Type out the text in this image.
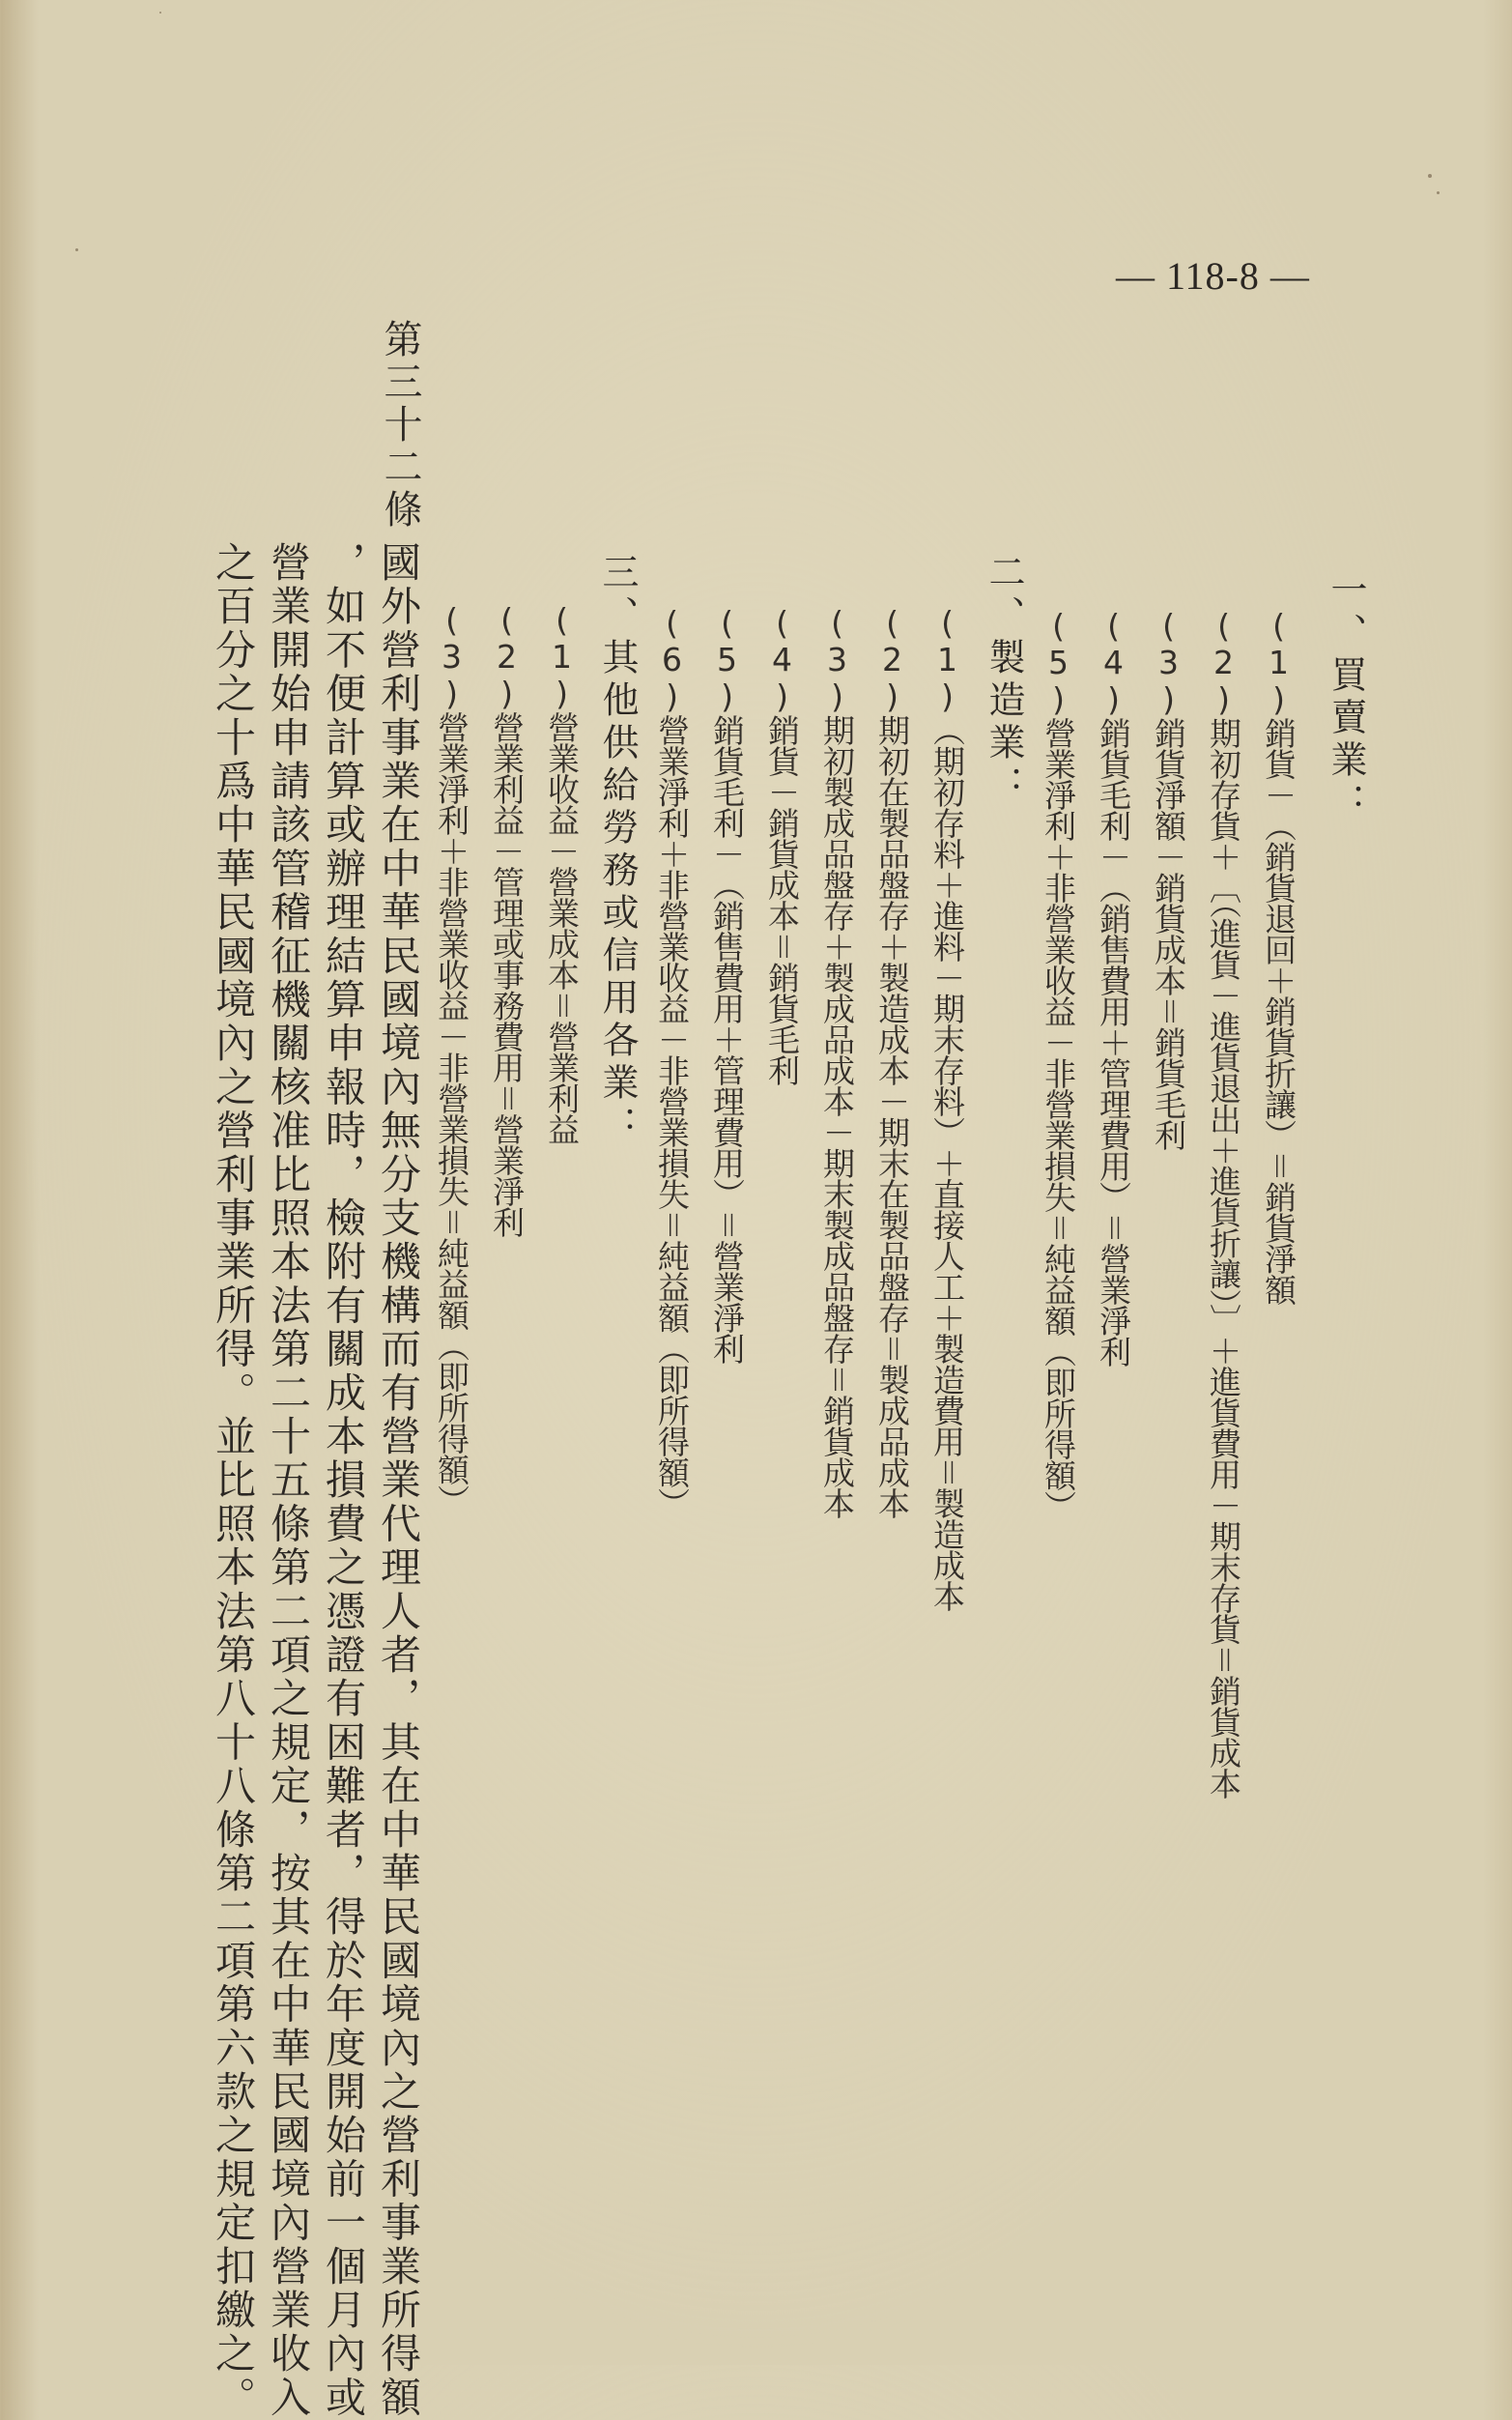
— 118-8 —
一、買賣業：
(1)銷貨－（銷貨退回＋銷貨折讓）＝銷貨淨額
(2)期初存貨＋〔（進貨－進貨退出＋進貨折讓）〕＋進貨費用－期末存貨＝銷貨成本
(3)銷貨淨額－銷貨成本＝銷貨毛利
(4)銷貨毛利－（銷售費用＋管理費用）＝營業淨利
(5)營業淨利＋非營業收益－非營業損失＝純益額（即所得額）
二、製造業：
(1)（期初存料＋進料－期末存料）＋直接人工＋製造費用＝製造成本
(2)期初在製品盤存＋製造成本－期末在製品盤存＝製成品成本
(3)期初製成品盤存＋製成品成本－期末製成品盤存＝銷貨成本
(4)銷貨－銷貨成本＝銷貨毛利
(5)銷貨毛利－（銷售費用＋管理費用）＝營業淨利
(6)營業淨利＋非營業收益－非營業損失＝純益額（即所得額）
三、其他供給勞務或信用各業：
(1)營業收益－營業成本＝營業利益
(2)營業利益－管理或事務費用＝營業淨利
(3)營業淨利＋非營業收益－非營業損失＝純益額（即所得額）
第三十二條
國外營利事業在中華民國境內無分支機構而有營業代理人者，其在中華民國境內之營利事業所得額
，如不便計算或辦理結算申報時，檢附有關成本損費之憑證有困難者，得於年度開始前一個月內或
營業開始申請該管稽征機關核准比照本法第二十五條第二項之規定，按其在中華民國境內營業收入
之百分之十爲中華民國境內之營利事業所得。並比照本法第八十八條第二項第六款之規定扣繳之。
